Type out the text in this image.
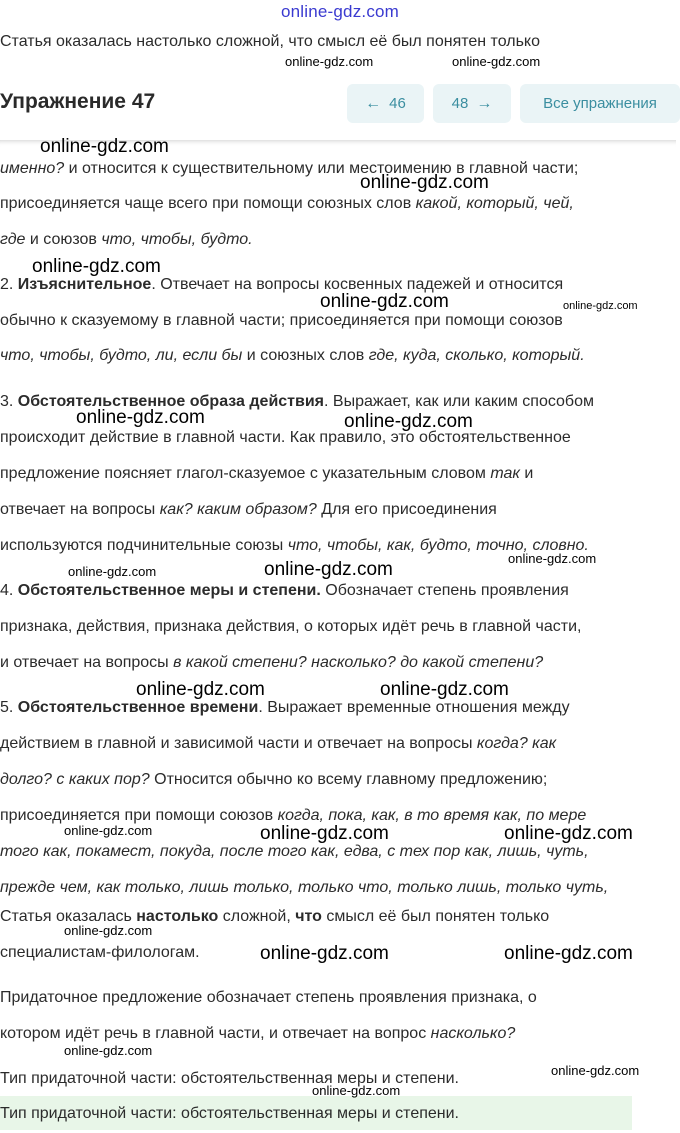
online-gdz.com
Статья оказалась настолько сложной, что смысл её был понятен только
Упражнение 47	← 46	48 →	Все упражнения
именно? и относится к существительному или местоимению в главной части;
присоединяется чаще всего при помощи союзных слов какой, который, чей,
где и союзов что, чтобы, будто.
2. Изъяснительное. Отвечает на вопросы косвенных падежей и относится
обычно к сказуемому в главной части; присоединяется при помощи союзов
что, чтобы, будто, ли, если бы и союзных слов где, куда, сколько, который.
3. Обстоятельственное образа действия. Выражает, как или каким способом
происходит действие в главной части. Как правило, это обстоятельственное
предложение поясняет глагол-сказуемое с указательным словом так и
отвечает на вопросы как? каким образом? Для его присоединения
используются подчинительные союзы что, чтобы, как, будто, точно, словно.
4. Обстоятельственное меры и степени. Обозначает степень проявления
признака, действия, признака действия, о которых идёт речь в главной части,
и отвечает на вопросы в какой степени? насколько? до какой степени?
5. Обстоятельственное времени. Выражает временные отношения между
действием в главной и зависимой части и отвечает на вопросы когда? как
долго? с каких пор? Относится обычно ко всему главному предложению;
присоединяется при помощи союзов когда, пока, как, в то время как, по мере
того как, покамест, покуда, после того как, едва, с тех пор как, лишь, чуть,
прежде чем, как только, лишь только, только что, только лишь, только чуть,
Статья оказалась настолько сложной, что смысл её был понятен только
специалистам-филологам.
Придаточное предложение обозначает степень проявления признака, о
котором идёт речь в главной части, и отвечает на вопрос насколько?
Тип придаточной части: обстоятельственная меры и степени.
Тип придаточной части: обстоятельственная меры и степени.
online-gdz.com	online-gdz.com
online-gdz.com
online-gdz.com
online-gdz.com
online-gdz.com	online-gdz.com
online-gdz.com	online-gdz.com
online-gdz.com
online-gdz.com	online-gdz.com
online-gdz.com	online-gdz.com
online-gdz.com	online-gdz.com	online-gdz.com
online-gdz.com
online-gdz.com	online-gdz.com
online-gdz.com
online-gdz.com
online-gdz.com
